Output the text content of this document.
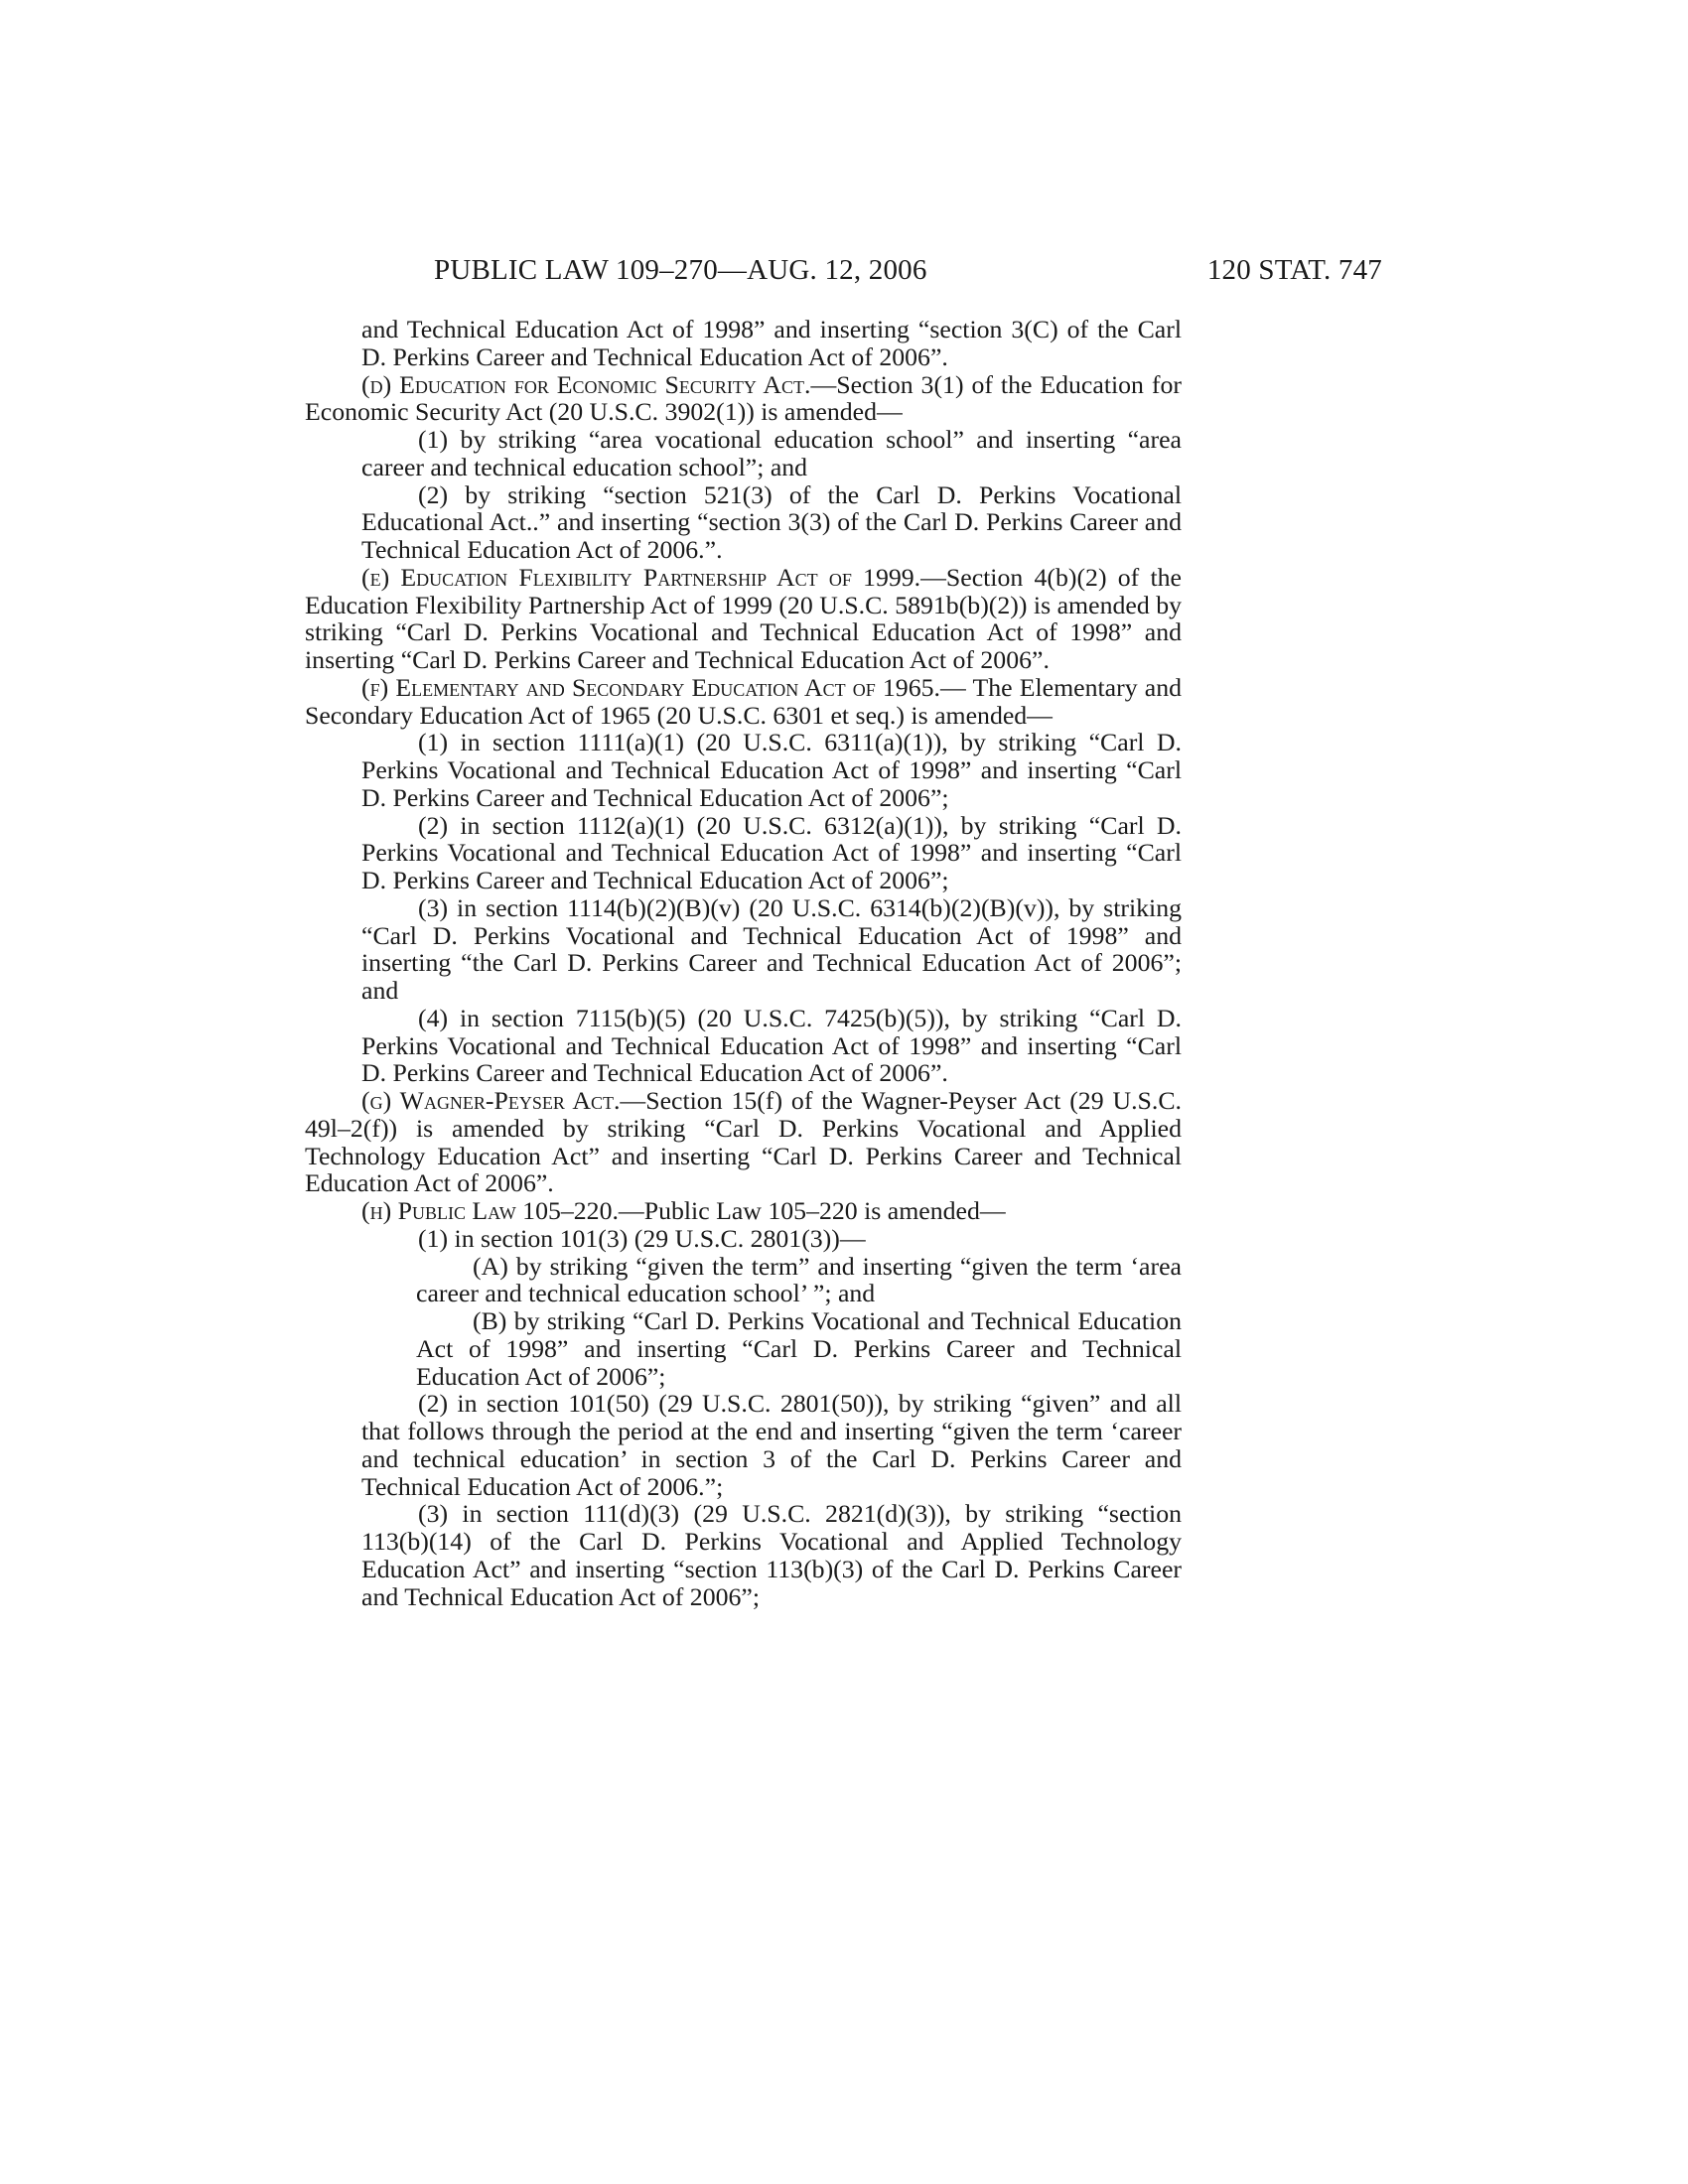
PUBLIC LAW 109–270—AUG. 12, 2006	120 STAT. 747

and Technical Education Act of 1998” and inserting “section 3(C) of the Carl D. Perkins Career and Technical Education Act of 2006”.

(d) Education for Economic Security Act.—Section 3(1) of the Education for Economic Security Act (20 U.S.C. 3902(1)) is amended—

(1) by striking “area vocational education school” and inserting “area career and technical education school”; and

(2) by striking “section 521(3) of the Carl D. Perkins Vocational Educational Act..” and inserting “section 3(3) of the Carl D. Perkins Career and Technical Education Act of 2006.”.

(e) Education Flexibility Partnership Act of 1999.—Section 4(b)(2) of the Education Flexibility Partnership Act of 1999 (20 U.S.C. 5891b(b)(2)) is amended by striking “Carl D. Perkins Vocational and Technical Education Act of 1998” and inserting “Carl D. Perkins Career and Technical Education Act of 2006”.

(f) Elementary and Secondary Education Act of 1965.— The Elementary and Secondary Education Act of 1965 (20 U.S.C. 6301 et seq.) is amended—

(1) in section 1111(a)(1) (20 U.S.C. 6311(a)(1)), by striking “Carl D. Perkins Vocational and Technical Education Act of 1998” and inserting “Carl D. Perkins Career and Technical Education Act of 2006”;

(2) in section 1112(a)(1) (20 U.S.C. 6312(a)(1)), by striking “Carl D. Perkins Vocational and Technical Education Act of 1998” and inserting “Carl D. Perkins Career and Technical Education Act of 2006”;

(3) in section 1114(b)(2)(B)(v) (20 U.S.C. 6314(b)(2)(B)(v)), by striking “Carl D. Perkins Vocational and Technical Education Act of 1998” and inserting “the Carl D. Perkins Career and Technical Education Act of 2006”; and

(4) in section 7115(b)(5) (20 U.S.C. 7425(b)(5)), by striking “Carl D. Perkins Vocational and Technical Education Act of 1998” and inserting “Carl D. Perkins Career and Technical Education Act of 2006”.

(g) Wagner-Peyser Act.—Section 15(f) of the Wagner-Peyser Act (29 U.S.C. 49l–2(f)) is amended by striking “Carl D. Perkins Vocational and Applied Technology Education Act” and inserting “Carl D. Perkins Career and Technical Education Act of 2006”.

(h) Public Law 105–220.—Public Law 105–220 is amended—

(1) in section 101(3) (29 U.S.C. 2801(3))—

(A) by striking “given the term” and inserting “given the term ‘area career and technical education school’ ”; and

(B) by striking “Carl D. Perkins Vocational and Technical Education Act of 1998” and inserting “Carl D. Perkins Career and Technical Education Act of 2006”;

(2) in section 101(50) (29 U.S.C. 2801(50)), by striking “given” and all that follows through the period at the end and inserting “given the term ‘career and technical education’ in section 3 of the Carl D. Perkins Career and Technical Education Act of 2006.”;

(3) in section 111(d)(3) (29 U.S.C. 2821(d)(3)), by striking “section 113(b)(14) of the Carl D. Perkins Vocational and Applied Technology Education Act” and inserting “section 113(b)(3) of the Carl D. Perkins Career and Technical Education Act of 2006”;
